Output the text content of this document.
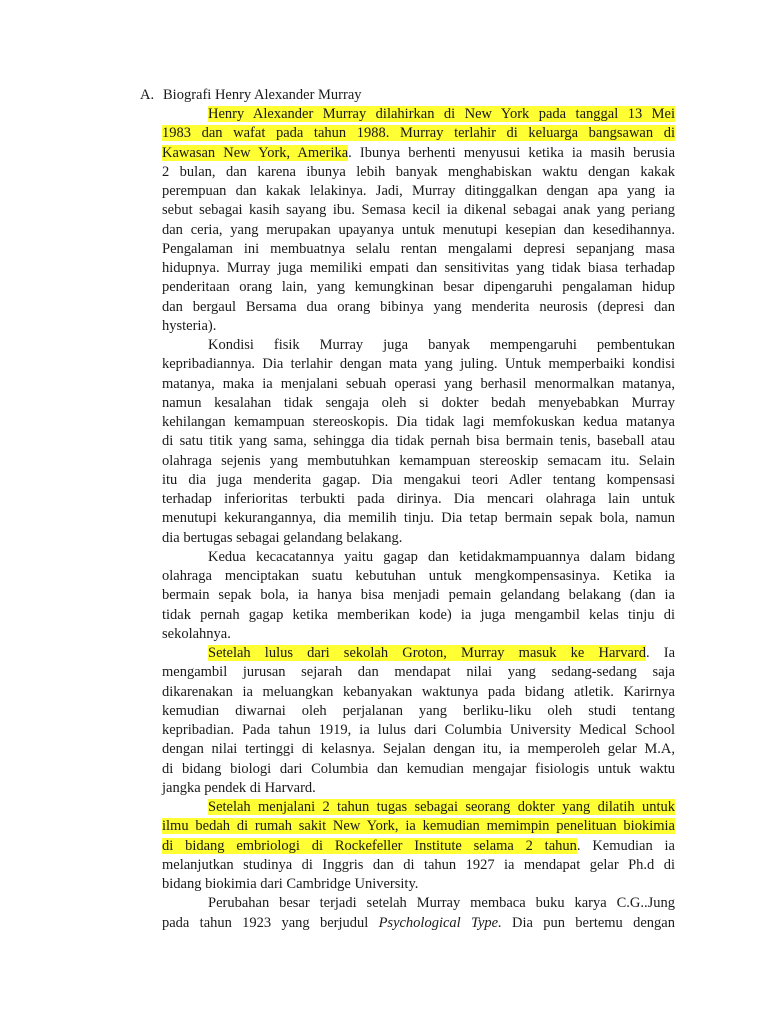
A. Biografi Henry Alexander Murray
Henry Alexander Murray dilahirkan di New York pada tanggal 13 Mei
1983 dan wafat pada tahun 1988. Murray terlahir di keluarga bangsawan di
Kawasan New York, Amerika. Ibunya berhenti menyusui ketika ia masih berusia
2 bulan, dan karena ibunya lebih banyak menghabiskan waktu dengan kakak
perempuan dan kakak lelakinya. Jadi, Murray ditinggalkan dengan apa yang ia
sebut sebagai kasih sayang ibu. Semasa kecil ia dikenal sebagai anak yang periang
dan ceria, yang merupakan upayanya untuk menutupi kesepian dan kesedihannya.
Pengalaman ini membuatnya selalu rentan mengalami depresi sepanjang masa
hidupnya. Murray juga memiliki empati dan sensitivitas yang tidak biasa terhadap
penderitaan orang lain, yang kemungkinan besar dipengaruhi pengalaman hidup
dan bergaul Bersama dua orang bibinya yang menderita neurosis (depresi dan
hysteria).
Kondisi fisik Murray juga banyak mempengaruhi pembentukan
kepribadiannya. Dia terlahir dengan mata yang juling. Untuk memperbaiki kondisi
matanya, maka ia menjalani sebuah operasi yang berhasil menormalkan matanya,
namun kesalahan tidak sengaja oleh si dokter bedah menyebabkan Murray
kehilangan kemampuan stereoskopis. Dia tidak lagi memfokuskan kedua matanya
di satu titik yang sama, sehingga dia tidak pernah bisa bermain tenis, baseball atau
olahraga sejenis yang membutuhkan kemampuan stereoskip semacam itu. Selain
itu dia juga menderita gagap. Dia mengakui teori Adler tentang kompensasi
terhadap inferioritas terbukti pada dirinya. Dia mencari olahraga lain untuk
menutupi kekurangannya, dia memilih tinju. Dia tetap bermain sepak bola, namun
dia bertugas sebagai gelandang belakang.
Kedua kecacatannya yaitu gagap dan ketidakmampuannya dalam bidang
olahraga menciptakan suatu kebutuhan untuk mengkompensasinya. Ketika ia
bermain sepak bola, ia hanya bisa menjadi pemain gelandang belakang (dan ia
tidak pernah gagap ketika memberikan kode) ia juga mengambil kelas tinju di
sekolahnya.
Setelah lulus dari sekolah Groton, Murray masuk ke Harvard. Ia
mengambil jurusan sejarah dan mendapat nilai yang sedang-sedang saja
dikarenakan ia meluangkan kebanyakan waktunya pada bidang atletik. Karirnya
kemudian diwarnai oleh perjalanan yang berliku-liku oleh studi tentang
kepribadian. Pada tahun 1919, ia lulus dari Columbia University Medical School
dengan nilai tertinggi di kelasnya. Sejalan dengan itu, ia memperoleh gelar M.A,
di bidang biologi dari Columbia dan kemudian mengajar fisiologis untuk waktu
jangka pendek di Harvard.
Setelah menjalani 2 tahun tugas sebagai seorang dokter yang dilatih untuk
ilmu bedah di rumah sakit New York, ia kemudian memimpin penelituan biokimia
di bidang embriologi di Rockefeller Institute selama 2 tahun. Kemudian ia
melanjutkan studinya di Inggris dan di tahun 1927 ia mendapat gelar Ph.d di
bidang biokimia dari Cambridge University.
Perubahan besar terjadi setelah Murray membaca buku karya C.G..Jung
pada tahun 1923 yang berjudul Psychological Type. Dia pun bertemu dengan
